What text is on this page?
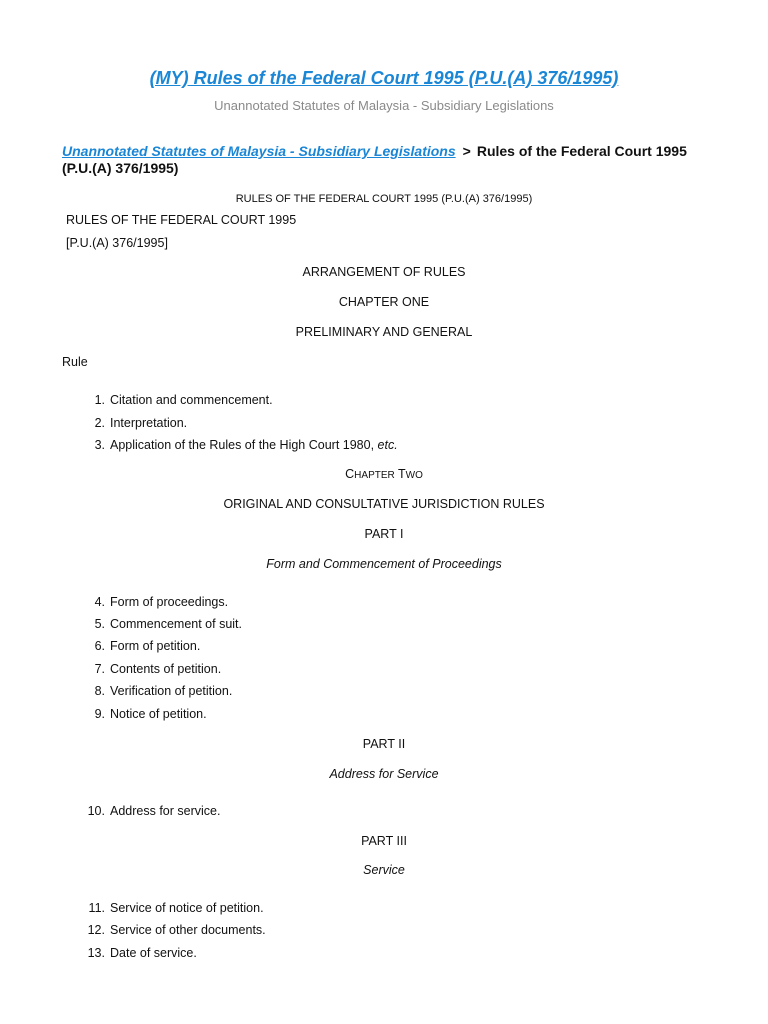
(MY) Rules of the Federal Court 1995 (P.U.(A) 376/1995)
Unannotated Statutes of Malaysia - Subsidiary Legislations
Unannotated Statutes of Malaysia - Subsidiary Legislations > Rules of the Federal Court 1995 (P.U.(A) 376/1995)
RULES OF THE FEDERAL COURT 1995 (P.U.(A) 376/1995)
RULES OF THE FEDERAL COURT 1995
[P.U.(A) 376/1995]
ARRANGEMENT OF RULES
CHAPTER ONE
PRELIMINARY AND GENERAL
Rule
1. Citation and commencement.
2. Interpretation.
3. Application of the Rules of the High Court 1980, etc.
CHAPTER TWO
ORIGINAL AND CONSULTATIVE JURISDICTION RULES
PART I
Form and Commencement of Proceedings
4. Form of proceedings.
5. Commencement of suit.
6. Form of petition.
7. Contents of petition.
8. Verification of petition.
9. Notice of petition.
PART II
Address for Service
10. Address for service.
PART III
Service
11. Service of notice of petition.
12. Service of other documents.
13. Date of service.
